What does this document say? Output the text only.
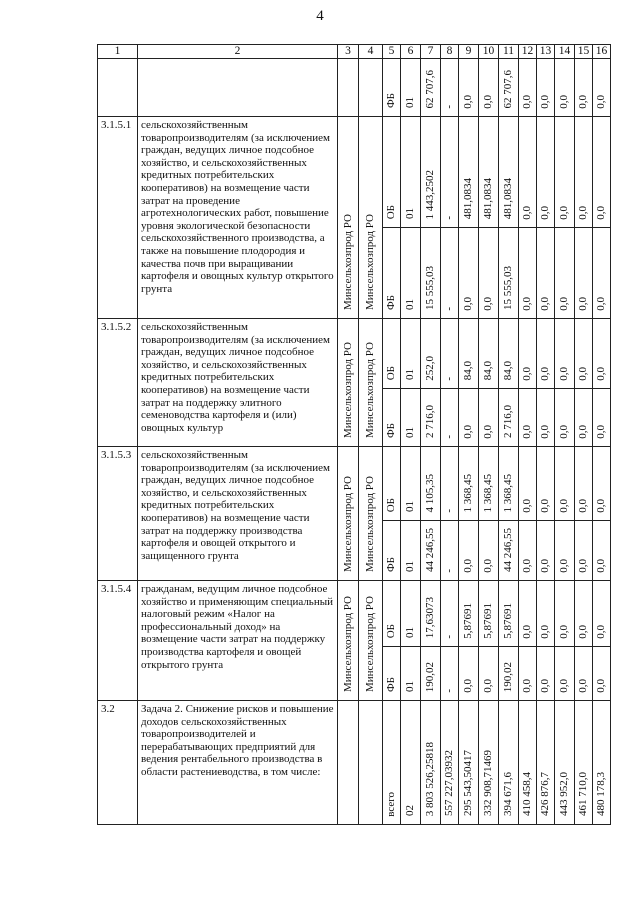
4
1	2	3	4	5	6	7	8	9	10	11	12	13	14	15	16
				ФБ	01	62 707,6	-	0,0	0,0	62 707,6	0,0	0,0	0,0	0,0	0,0
3.1.5.1	сельскохозяйственным товаропроизводителям (за исключением граждан, ведущих личное подсобное хозяйство, и сельскохозяйственных кредитных потребительских кооперативов) на возмещение части затрат на проведение агротехнологических работ, повышение уровня экологической безопасности сельскохозяйственного производства, а также на повышение плодородия и качества почв при выращивании картофеля и овощных культур открытого грунта	Минсельхозпрод РО	Минсельхозпрод РО	ОБ	01	1 443,2502	-	481,0834	481,0834	481,0834	0,0	0,0	0,0	0,0	0,0
				ФБ	01	15 555,03	-	0,0	0,0	15 555,03	0,0	0,0	0,0	0,0	0,0
3.1.5.2	сельскохозяйственным товаропроизводителям (за исключением граждан, ведущих личное подсобное хозяйство, и сельскохозяйственных кредитных потребительских кооперативов) на возмещение части затрат на поддержку элитного семеноводства картофеля и (или) овощных культур	Минсельхозпрод РО	Минсельхозпрод РО	ОБ	01	252,0	-	84,0	84,0	84,0	0,0	0,0	0,0	0,0	0,0
				ФБ	01	2 716,0	-	0,0	0,0	2 716,0	0,0	0,0	0,0	0,0	0,0
3.1.5.3	сельскохозяйственным товаропроизводителям (за исключением граждан, ведущих личное подсобное хозяйство, и сельскохозяйственных кредитных потребительских кооперативов) на возмещение части затрат на поддержку производства картофеля и овощей открытого и защищенного грунта	Минсельхозпрод РО	Минсельхозпрод РО	ОБ	01	4 105,35	-	1 368,45	1 368,45	1 368,45	0,0	0,0	0,0	0,0	0,0
				ФБ	01	44 246,55	-	0,0	0,0	44 246,55	0,0	0,0	0,0	0,0	0,0
3.1.5.4	гражданам, ведущим личное подсобное хозяйство и применяющим специальный налоговый режим «Налог на профессиональный доход» на возмещение части затрат на поддержку производства картофеля и овощей открытого грунта	Минсельхозпрод РО	Минсельхозпрод РО	ОБ	01	17,63073	-	5,87691	5,87691	5,87691	0,0	0,0	0,0	0,0	0,0
				ФБ	01	190,02	-	0,0	0,0	190,02	0,0	0,0	0,0	0,0	0,0
3.2	Задача 2. Снижение рисков и повышение доходов сельскохозяйственных товаропроизводителей и перерабатывающих предприятий для ведения рентабельного производства в области растениеводства, в том числе:			всего	02	3 803 526,25818	557 227,03932	295 543,50417	332 908,71469	394 671,6	410 458,4	426 876,7	443 952,0	461 710,0	480 178,3
